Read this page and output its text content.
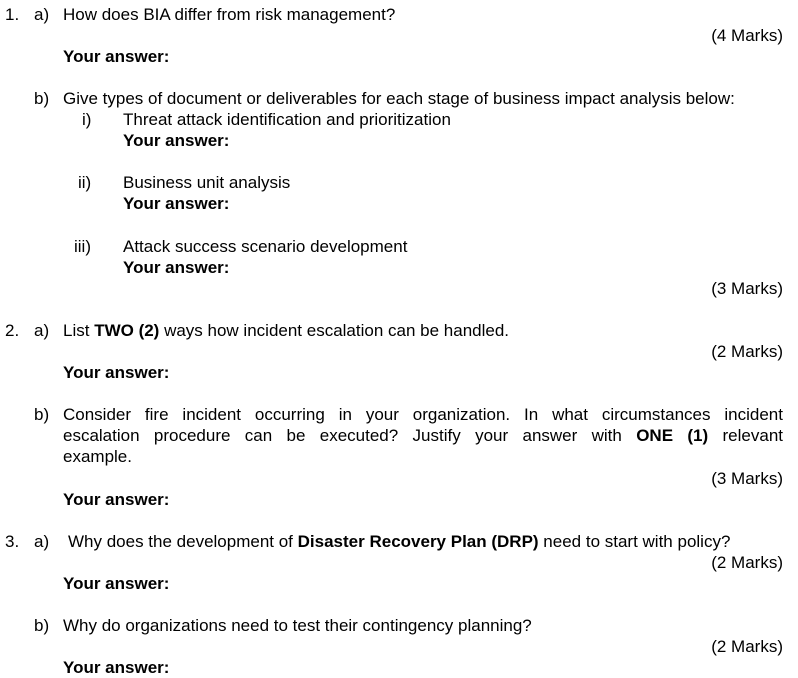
1. a) How does BIA differ from risk management?
(4 Marks)
Your answer:
b) Give types of document or deliverables for each stage of business impact analysis below:
i) Threat attack identification and prioritization
Your answer:
ii) Business unit analysis
Your answer:
iii) Attack success scenario development
Your answer:
(3 Marks)
2. a) List TWO (2) ways how incident escalation can be handled.
(2 Marks)
Your answer:
b) Consider fire incident occurring in your organization. In what circumstances incident
escalation procedure can be executed? Justify your answer with ONE (1) relevant
example.
(3 Marks)
Your answer:
3. a) Why does the development of Disaster Recovery Plan (DRP) need to start with policy?
(2 Marks)
Your answer:
b) Why do organizations need to test their contingency planning?
(2 Marks)
Your answer:
